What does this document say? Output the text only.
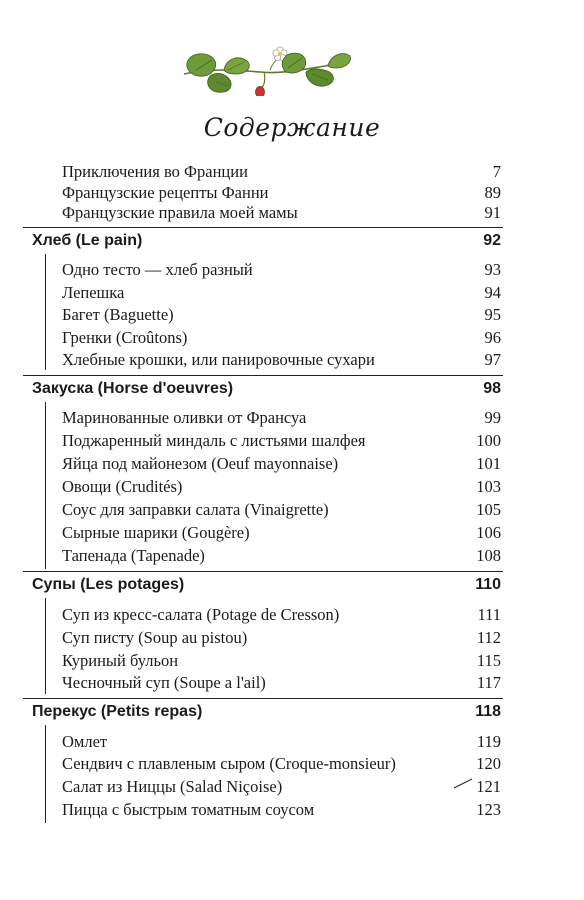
Содержание
Приключения во Франции	7
Французские рецепты Фанни	89
Французские правила моей мамы	91
Хлеб (Le pain)	92
Одно тесто — хлеб разный	93
Лепешка	94
Багет (Baguette)	95
Гренки (Croûtons)	96
Хлебные крошки, или панировочные сухари	97
Закуска (Horse d'oeuvres)	98
Маринованные оливки от Франсуа	99
Поджаренный миндаль с листьями шалфея	100
Яйца под майонезом (Oeuf mayonnaise)	101
Овощи (Crudités)	103
Соус для заправки салата (Vinaigrette)	105
Сырные шарики (Gougère)	106
Тапенада (Tapenade)	108
Супы (Les potages)	110
Суп из кресс-салата (Potage de Cresson)	111
Суп писту (Soup au pistou)	112
Куриный бульон	115
Чесночный суп (Soupe a l'ail)	117
Перекус (Petits repas)	118
Омлет	119
Сендвич с плавленым сыром (Croque-monsieur)	120
Салат из Ниццы (Salad Niçoise)	121
Пицца с быстрым томатным соусом	123
